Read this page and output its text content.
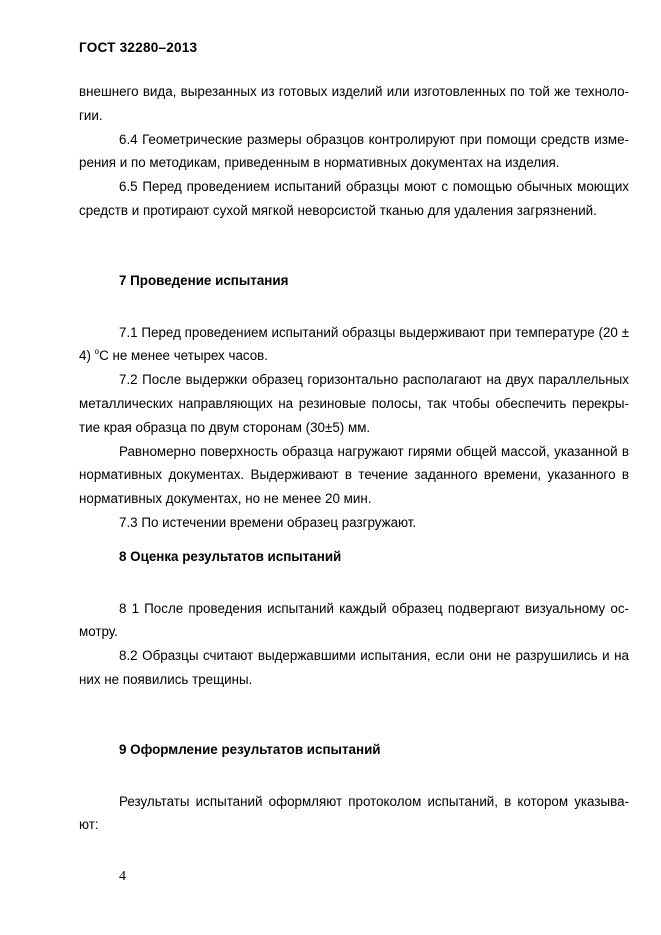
ГОСТ 32280–2013

внешнего вида, вырезанных из готовых изделий или изготовленных по той же техноло-гии.

6.4 Геометрические размеры образцов контролируют при помощи средств изме-рения и по методикам, приведенным в нормативных документах на изделия.

6.5 Перед проведением испытаний образцы моют с помощью обычных моющих средств и протирают сухой мягкой неворсистой тканью для удаления загрязнений.

7 Проведение испытания

7.1 Перед проведением испытаний образцы выдерживают при температуре (20 ± 4) $^о$С не менее четырех часов.

7.2 После выдержки образец горизонтально располагают на двух параллельных металлических направляющих на резиновые полосы, так чтобы обеспечить перекры-тие края образца по двум сторонам (30±5) мм.

Равномерно поверхность образца нагружают гирями общей массой, указанной в нормативных документах. Выдерживают в течение заданного времени, указанного в нормативных документах, но не менее 20 мин.

7.3 По истечении времени образец разгружают.

8 Оценка результатов испытаний

8 1 После проведения испытаний каждый образец подвергают визуальному ос-мотру.

8.2 Образцы считают выдержавшими испытания, если они не разрушились и на них не появились трещины.

9 Оформление результатов испытаний

Результаты испытаний оформляют протоколом испытаний, в котором указыва-ют:

4
